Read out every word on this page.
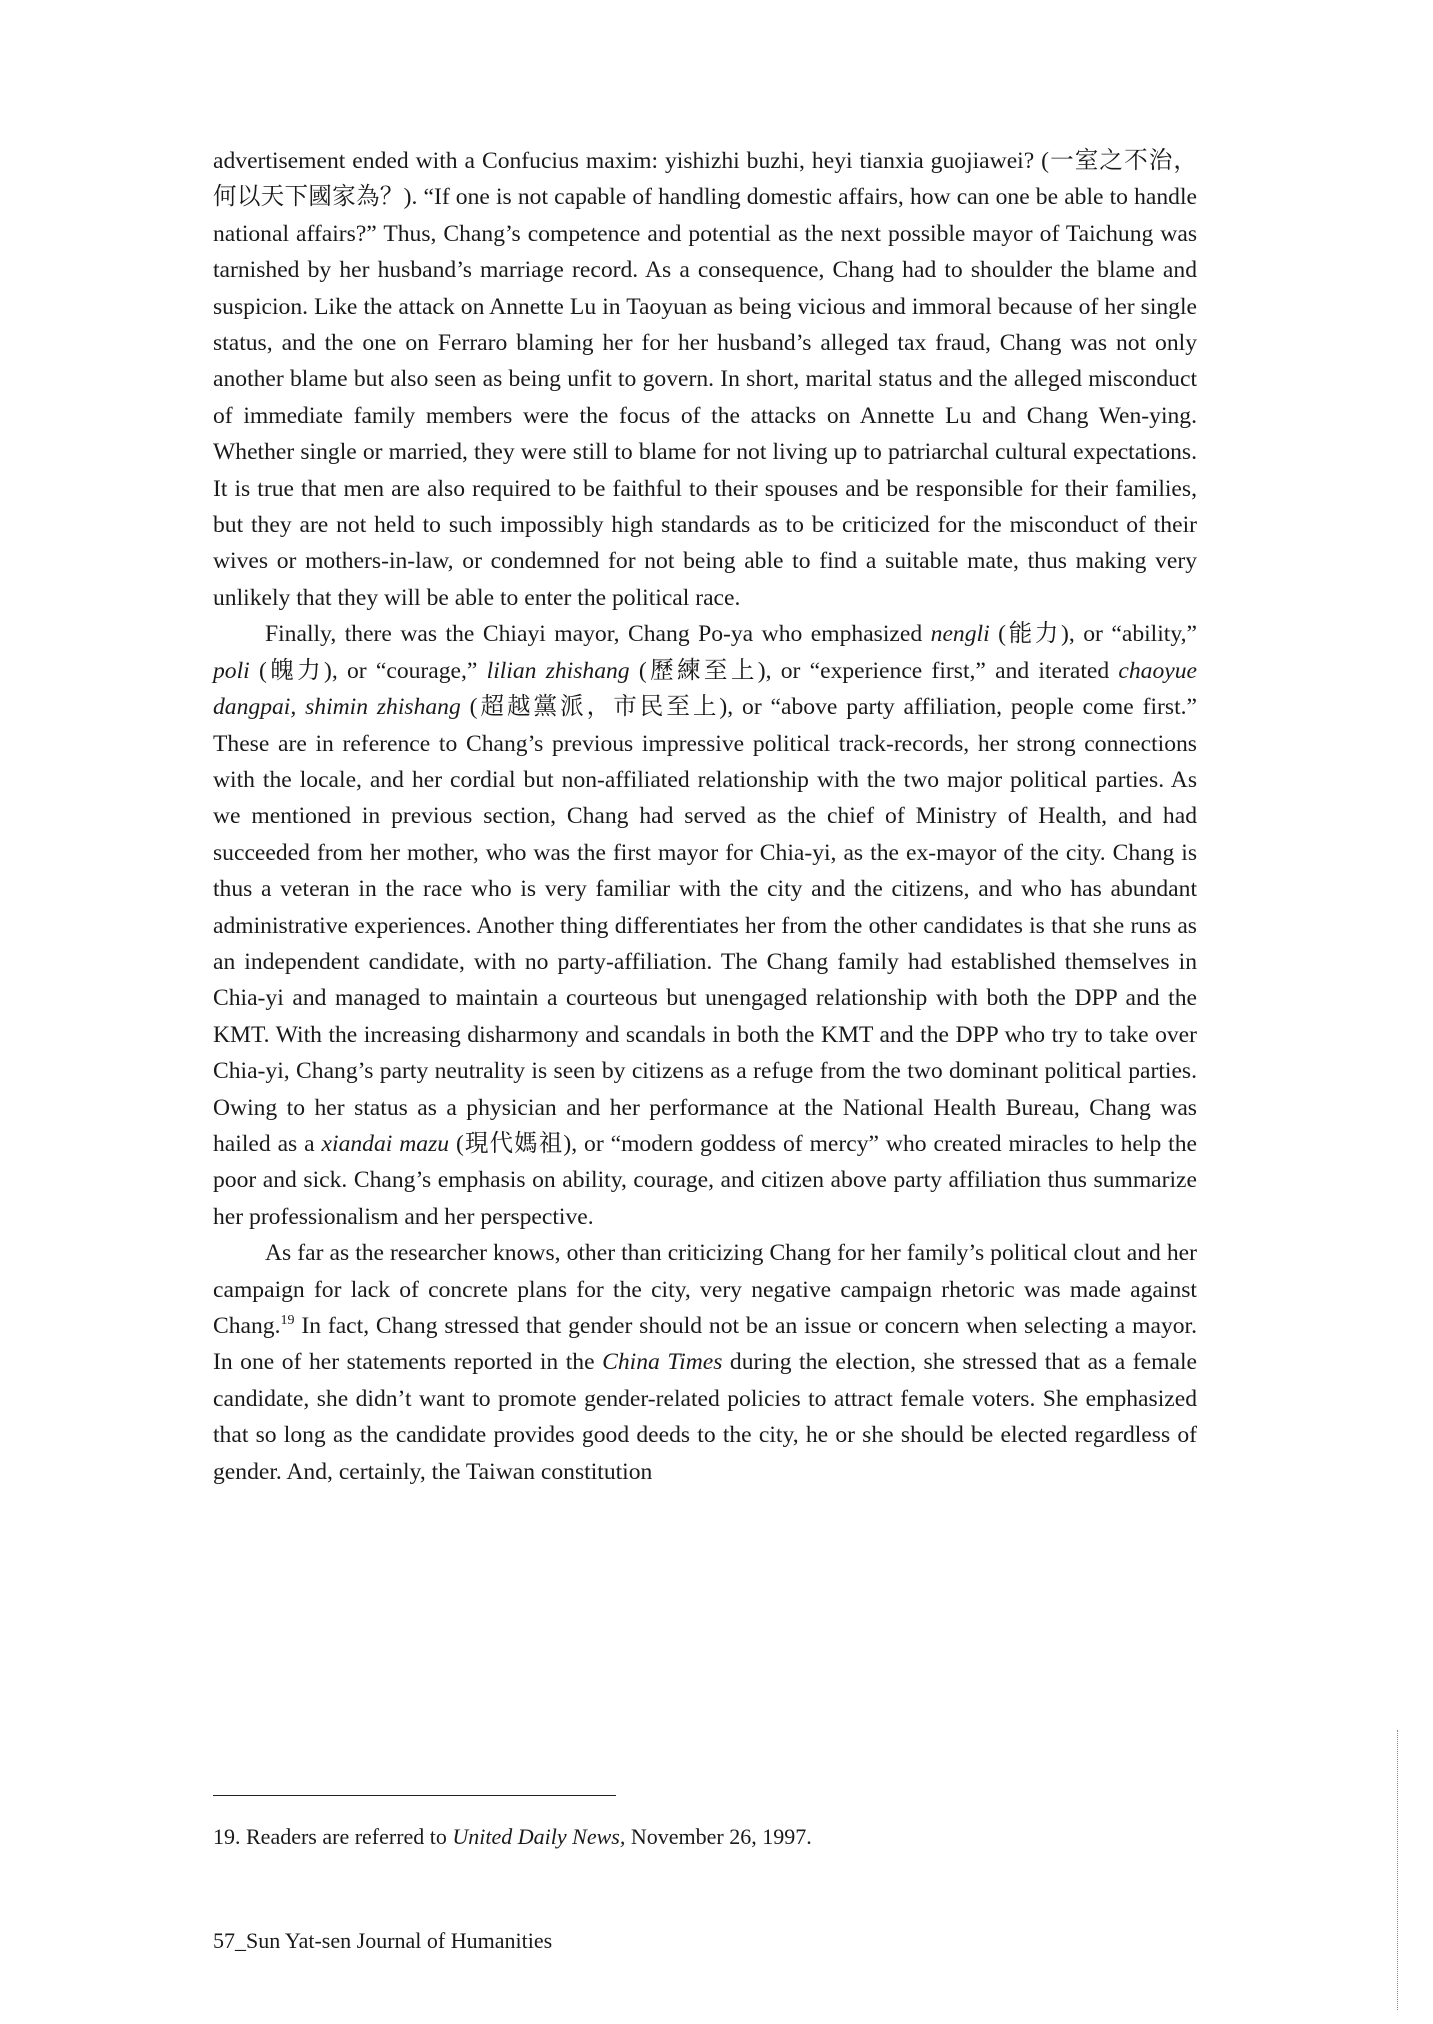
advertisement ended with a Confucius maxim: yishizhi buzhi, heyi tianxia guojiawei? (一室之不治，何以天下國家為？). “If one is not capable of handling domestic affairs, how can one be able to handle national affairs?” Thus, Chang’s competence and potential as the next possible mayor of Taichung was tarnished by her husband’s marriage record. As a consequence, Chang had to shoulder the blame and suspicion. Like the attack on Annette Lu in Taoyuan as being vicious and immoral because of her single status, and the one on Ferraro blaming her for her husband’s alleged tax fraud, Chang was not only another blame but also seen as being unfit to govern. In short, marital status and the alleged misconduct of immediate family members were the focus of the attacks on Annette Lu and Chang Wen-ying. Whether single or married, they were still to blame for not living up to patriarchal cultural expectations. It is true that men are also required to be faithful to their spouses and be responsible for their families, but they are not held to such impossibly high standards as to be criticized for the misconduct of their wives or mothers-in-law, or condemned for not being able to find a suitable mate, thus making very unlikely that they will be able to enter the political race.

Finally, there was the Chiayi mayor, Chang Po-ya who emphasized nengli (能力), or “ability,” poli (魄力), or “courage,” lilian zhishang (歷練至上), or “experience first,” and iterated chaoyue dangpai, shimin zhishang (超越黨派，市民至上), or “above party affiliation, people come first.” These are in reference to Chang’s previous impressive political track-records, her strong connections with the locale, and her cordial but non-affiliated relationship with the two major political parties. As we mentioned in previous section, Chang had served as the chief of Ministry of Health, and had succeeded from her mother, who was the first mayor for Chia-yi, as the ex-mayor of the city. Chang is thus a veteran in the race who is very familiar with the city and the citizens, and who has abundant administrative experiences. Another thing differentiates her from the other candidates is that she runs as an independent candidate, with no party-affiliation. The Chang family had established themselves in Chia-yi and managed to maintain a courteous but unengaged relationship with both the DPP and the KMT. With the increasing disharmony and scandals in both the KMT and the DPP who try to take over Chia-yi, Chang’s party neutrality is seen by citizens as a refuge from the two dominant political parties. Owing to her status as a physician and her performance at the National Health Bureau, Chang was hailed as a xiandai mazu (現代媽祖), or “modern goddess of mercy” who created miracles to help the poor and sick. Chang’s emphasis on ability, courage, and citizen above party affiliation thus summarize her professionalism and her perspective.

As far as the researcher knows, other than criticizing Chang for her family’s political clout and her campaign for lack of concrete plans for the city, very negative campaign rhetoric was made against Chang.$^{19}$ In fact, Chang stressed that gender should not be an issue or concern when selecting a mayor. In one of her statements reported in the China Times during the election, she stressed that as a female candidate, she didn’t want to promote gender-related policies to attract female voters. She emphasized that so long as the candidate provides good deeds to the city, he or she should be elected regardless of gender. And, certainly, the Taiwan constitution

19. Readers are referred to United Daily News, November 26, 1997.
57_Sun Yat-sen Journal of Humanities
